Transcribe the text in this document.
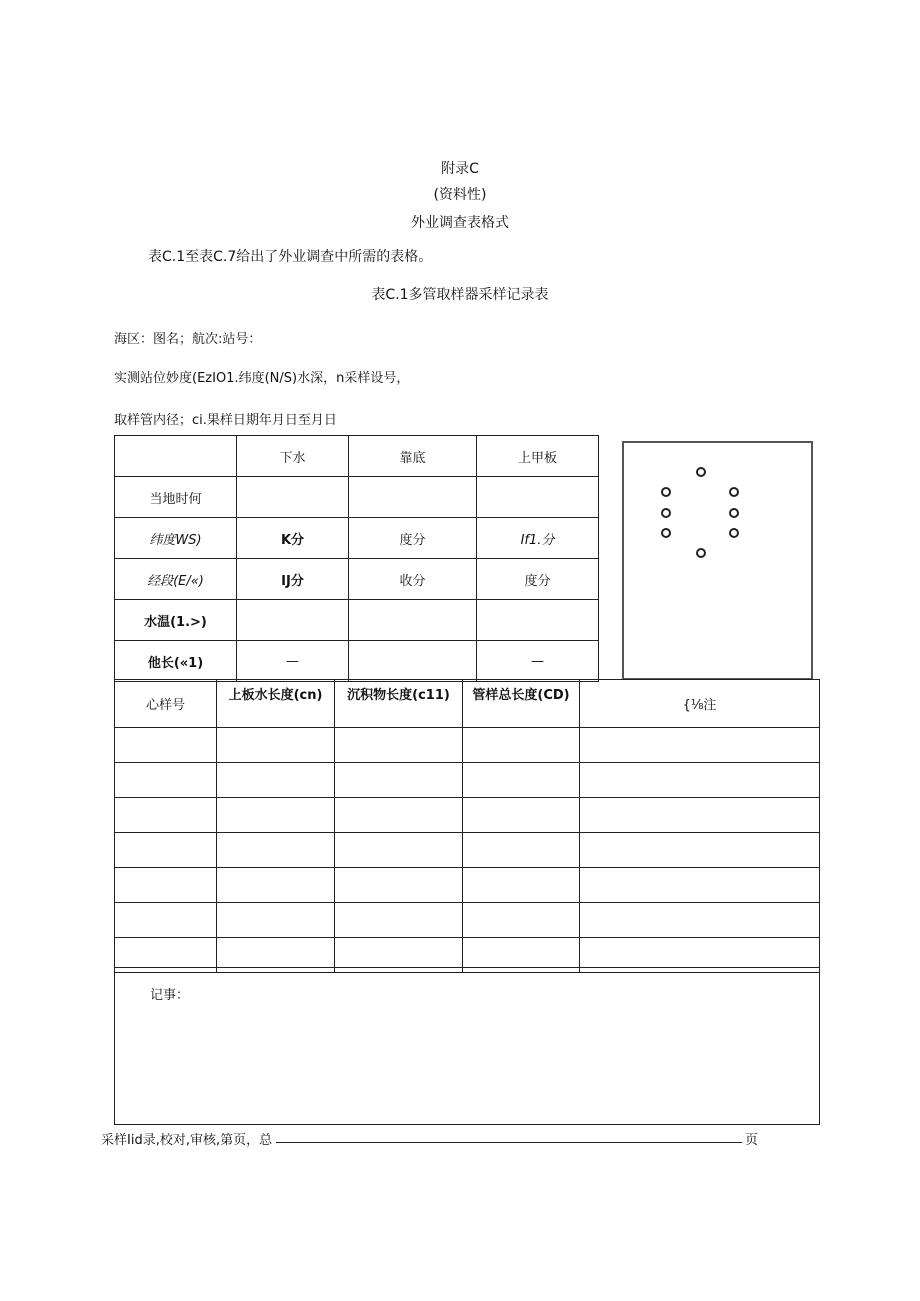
附录C
(资料性)
外业调查表格式
表C.1至表C.7给出了外业调查中所需的表格。
表C.1多管取样器采样记录表
海区：图名；航次:站号：
实测站位妙度(EzIO1.纬度(N/S)水深，n采样设号，
取样管内径；ci.果样日期年月日至月日
	下水	靠底	上甲板
当地时何			
纬度WS)	K分	度分	If1.分
经段(E/«)	IJ分	收分	度分
水温(1.>)			
他长(«1)	—		—
心样号	上板水长度(cn)	沉积物长度(c11)	管样总长度(CD)	{⅛注

记事：
采样Iid录,校对,审核,第页，总	页
